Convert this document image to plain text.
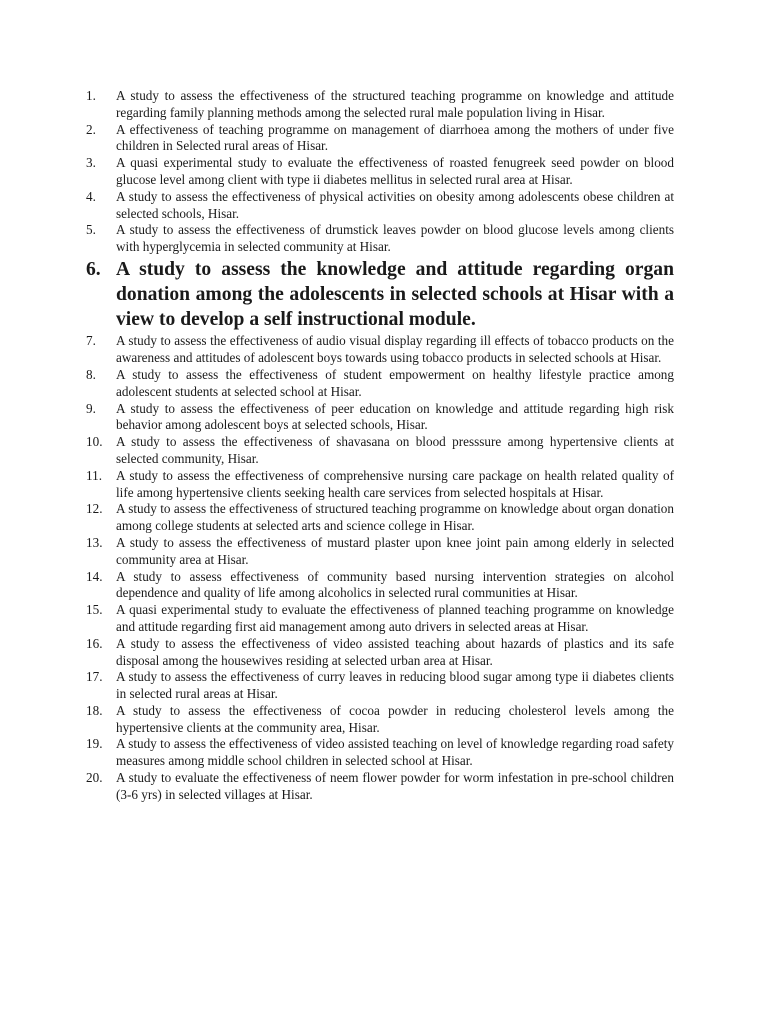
1.	A study to assess the effectiveness of the structured teaching programme on knowledge and attitude regarding family planning methods among the selected rural male population living in Hisar.
2.	A effectiveness of teaching programme on management of diarrhoea among the mothers of under five children in Selected rural areas of Hisar.
3.	A quasi experimental study to evaluate the effectiveness of roasted fenugreek seed powder on blood glucose level among client with type ii diabetes mellitus in selected rural area at Hisar.
4.	A study to assess the effectiveness of physical activities on obesity among adolescents obese children at selected schools, Hisar.
5.	A study to assess the effectiveness of drumstick leaves powder on blood glucose levels among clients with hyperglycemia in selected community at Hisar.
6. A study to assess the knowledge and attitude regarding organ donation among the adolescents in selected schools at Hisar with a view to develop a self instructional module.
7.	A study to assess the effectiveness of audio visual display regarding ill effects of tobacco products on the awareness and attitudes of adolescent boys towards using tobacco products in selected schools at Hisar.
8.	A study to assess the effectiveness of student empowerment on healthy lifestyle practice among adolescent students at selected school at Hisar.
9.	A study to assess the effectiveness of peer education on knowledge and attitude regarding high risk behavior among adolescent boys at selected schools, Hisar.
10.	A study to assess the effectiveness of shavasana on blood presssure among hypertensive clients at selected community, Hisar.
11.	A study to assess the effectiveness of comprehensive nursing care package on health related quality of life among hypertensive clients seeking health care services from selected hospitals at Hisar.
12.	A study to assess the effectiveness of structured teaching programme on knowledge about organ donation among college students at selected arts and science college in Hisar.
13.	A study to assess the effectiveness of mustard plaster upon knee joint pain among elderly in selected community area at Hisar.
14.	A study to assess effectiveness of community based nursing intervention strategies on alcohol dependence and quality of life among alcoholics in selected rural communities at Hisar.
15.	A quasi experimental study to evaluate the effectiveness of planned teaching programme on knowledge and attitude regarding first aid management among auto drivers in selected areas at Hisar.
16.	A study to assess the effectiveness of video assisted teaching about hazards of plastics and its safe disposal among the housewives residing at selected urban area at Hisar.
17.	A study to assess the effectiveness of curry leaves in reducing blood sugar among type ii diabetes clients in selected rural areas at Hisar.
18.	A study to assess the effectiveness of cocoa powder in reducing cholesterol levels among the hypertensive clients at the community area, Hisar.
19.	A study to assess the effectiveness of video assisted teaching on level of knowledge regarding road safety measures among middle school children in selected school at Hisar.
20.	A study to evaluate the effectiveness of neem flower powder for worm infestation in pre-school children (3-6 yrs) in selected villages at Hisar.
